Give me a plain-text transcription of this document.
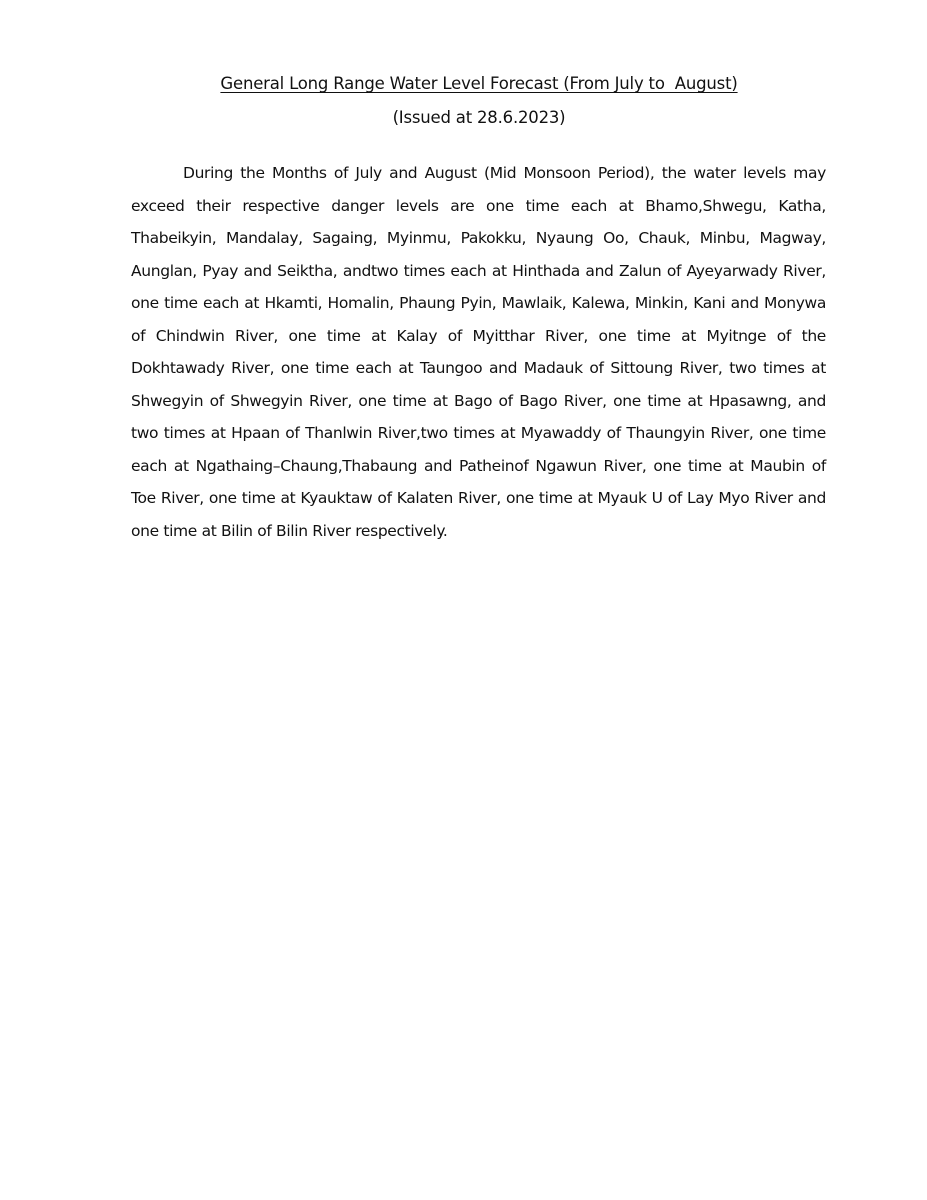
General Long Range Water Level Forecast (From July to  August)
(Issued at 28.6.2023)

During the Months of July and August (Mid Monsoon Period), the water levels may exceed their respective danger levels are one time each at Bhamo,Shwegu, Katha, Thabeikyin, Mandalay, Sagaing, Myinmu, Pakokku, Nyaung Oo, Chauk, Minbu, Magway, Aunglan, Pyay and Seiktha, andtwo times each at Hinthada and Zalun of Ayeyarwady River, one time each at Hkamti, Homalin, Phaung Pyin, Mawlaik, Kalewa, Minkin, Kani and Monywa of Chindwin River, one time at Kalay of Myitthar River, one time at Myitnge of the Dokhtawady River, one time each at Taungoo and Madauk of Sittoung River, two times at Shwegyin of Shwegyin River, one time at Bago of Bago River, one time at Hpasawng, and two times at Hpaan of Thanlwin River,two times at Myawaddy of Thaungyin River, one time each at Ngathaing–Chaung,Thabaung and Patheinof Ngawun River, one time at Maubin of Toe River, one time at Kyauktaw of Kalaten River, one time at Myauk U of Lay Myo River and one time at Bilin of Bilin River respectively.
